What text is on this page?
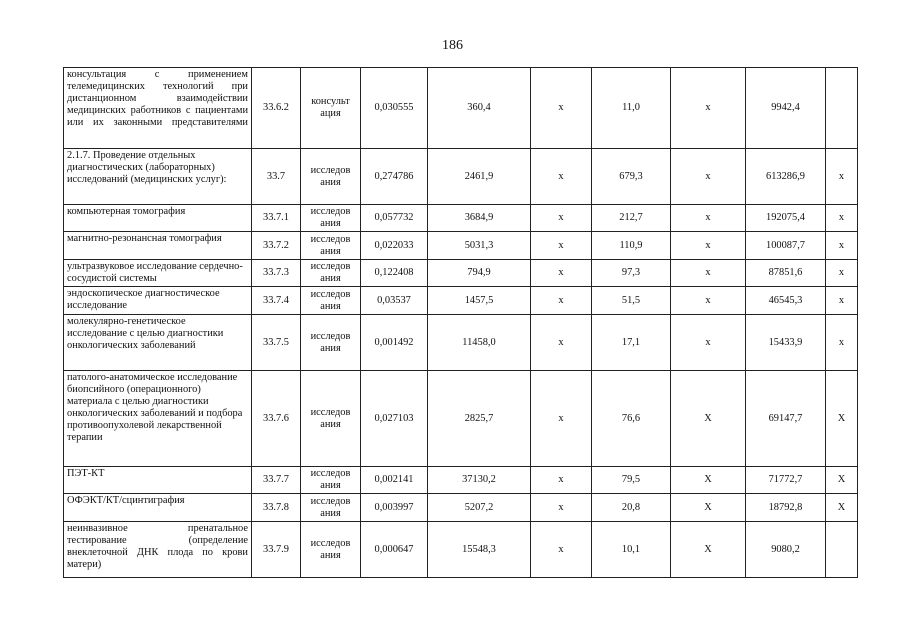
186
консультация с применением телемедицинских технологий при дистанционном взаимодействии медицинских работников с пациентами или их законными представителями	33.6.2	консульт ация	0,030555	360,4	х	11,0	х	9942,4	
2.1.7. Проведение отдельных диагностических (лабораторных) исследований (медицинских услуг):	33.7	исследов ания	0,274786	2461,9	х	679,3	х	613286,9	х
компьютерная томография	33.7.1	исследов ания	0,057732	3684,9	х	212,7	х	192075,4	х
магнитно-резонансная томография	33.7.2	исследов ания	0,022033	5031,3	х	110,9	х	100087,7	х
ультразвуковое исследование сердечно-сосудистой системы	33.7.3	исследов ания	0,122408	794,9	х	97,3	х	87851,6	х
эндоскопическое диагностическое исследование	33.7.4	исследов ания	0,03537	1457,5	х	51,5	х	46545,3	х
молекулярно-генетическое исследование с целью диагностики онкологических заболеваний	33.7.5	исследов ания	0,001492	11458,0	х	17,1	х	15433,9	х
патолого-анатомическое исследование биопсийного (операционного) материала с целью диагностики онкологических заболеваний и подбора противоопухолевой лекарственной терапии	33.7.6	исследов ания	0,027103	2825,7	х	76,6	Х	69147,7	Х
ПЭТ-КТ	33.7.7	исследов ания	0,002141	37130,2	х	79,5	Х	71772,7	Х
ОФЭКТ/КТ/сцинтиграфия	33.7.8	исследов ания	0,003997	5207,2	х	20,8	Х	18792,8	Х
неинвазивное пренатальное тестирование (определение внеклеточной ДНК плода по крови матери)	33.7.9	исследов ания	0,000647	15548,3	х	10,1	Х	9080,2	
